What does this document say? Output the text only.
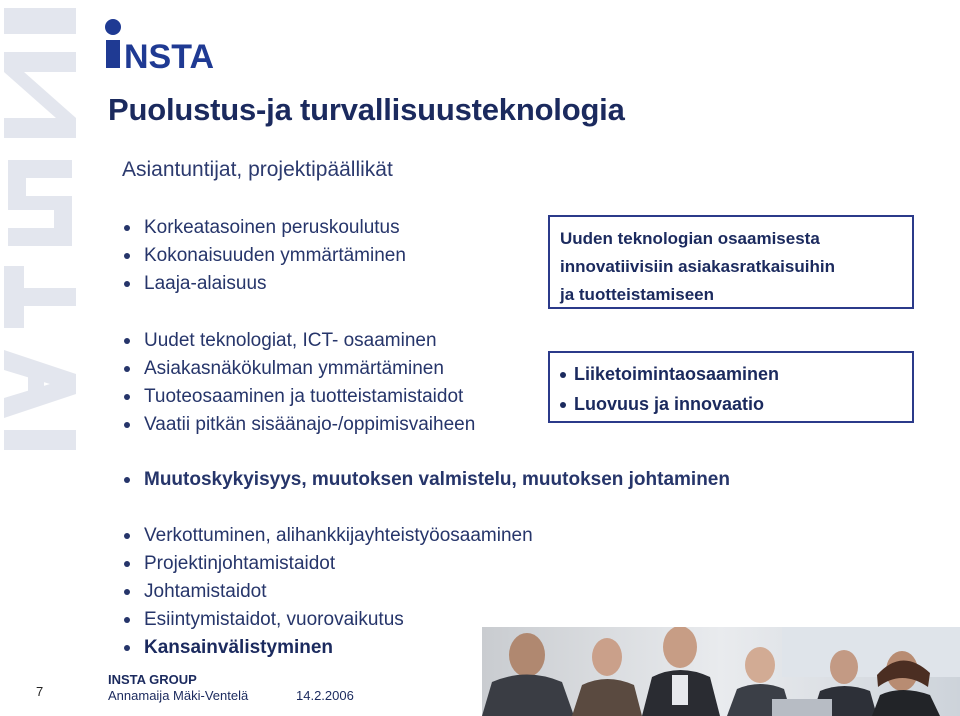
NSTA
Puolustus-ja turvallisuusteknologia
Asiantuntijat, projektipäällikät
Korkeatasoinen peruskoulutus
Kokonaisuuden ymmärtäminen
Laaja-alaisuus
Uudet teknologiat, ICT- osaaminen
Asiakasnäkökulman ymmärtäminen
Tuoteosaaminen ja tuotteistamistaidot
Vaatii pitkän sisäänajo-/oppimisvaiheen
Uuden teknologian osaamisesta
innovatiivisiin asiakasratkaisuihin
ja tuotteistamiseen
Liiketoimintaosaaminen
Luovuus ja innovaatio
Muutoskykyisyys, muutoksen valmistelu, muutoksen johtaminen
Verkottuminen, alihankkijayhteistyöosaaminen
Projektinjohtamistaidot
Johtamistaidot
Esiintymistaidot, vuorovaikutus
Kansainvälistyminen
7
INSTA GROUP
Annamaija Mäki-Ventelä	14.2.2006
